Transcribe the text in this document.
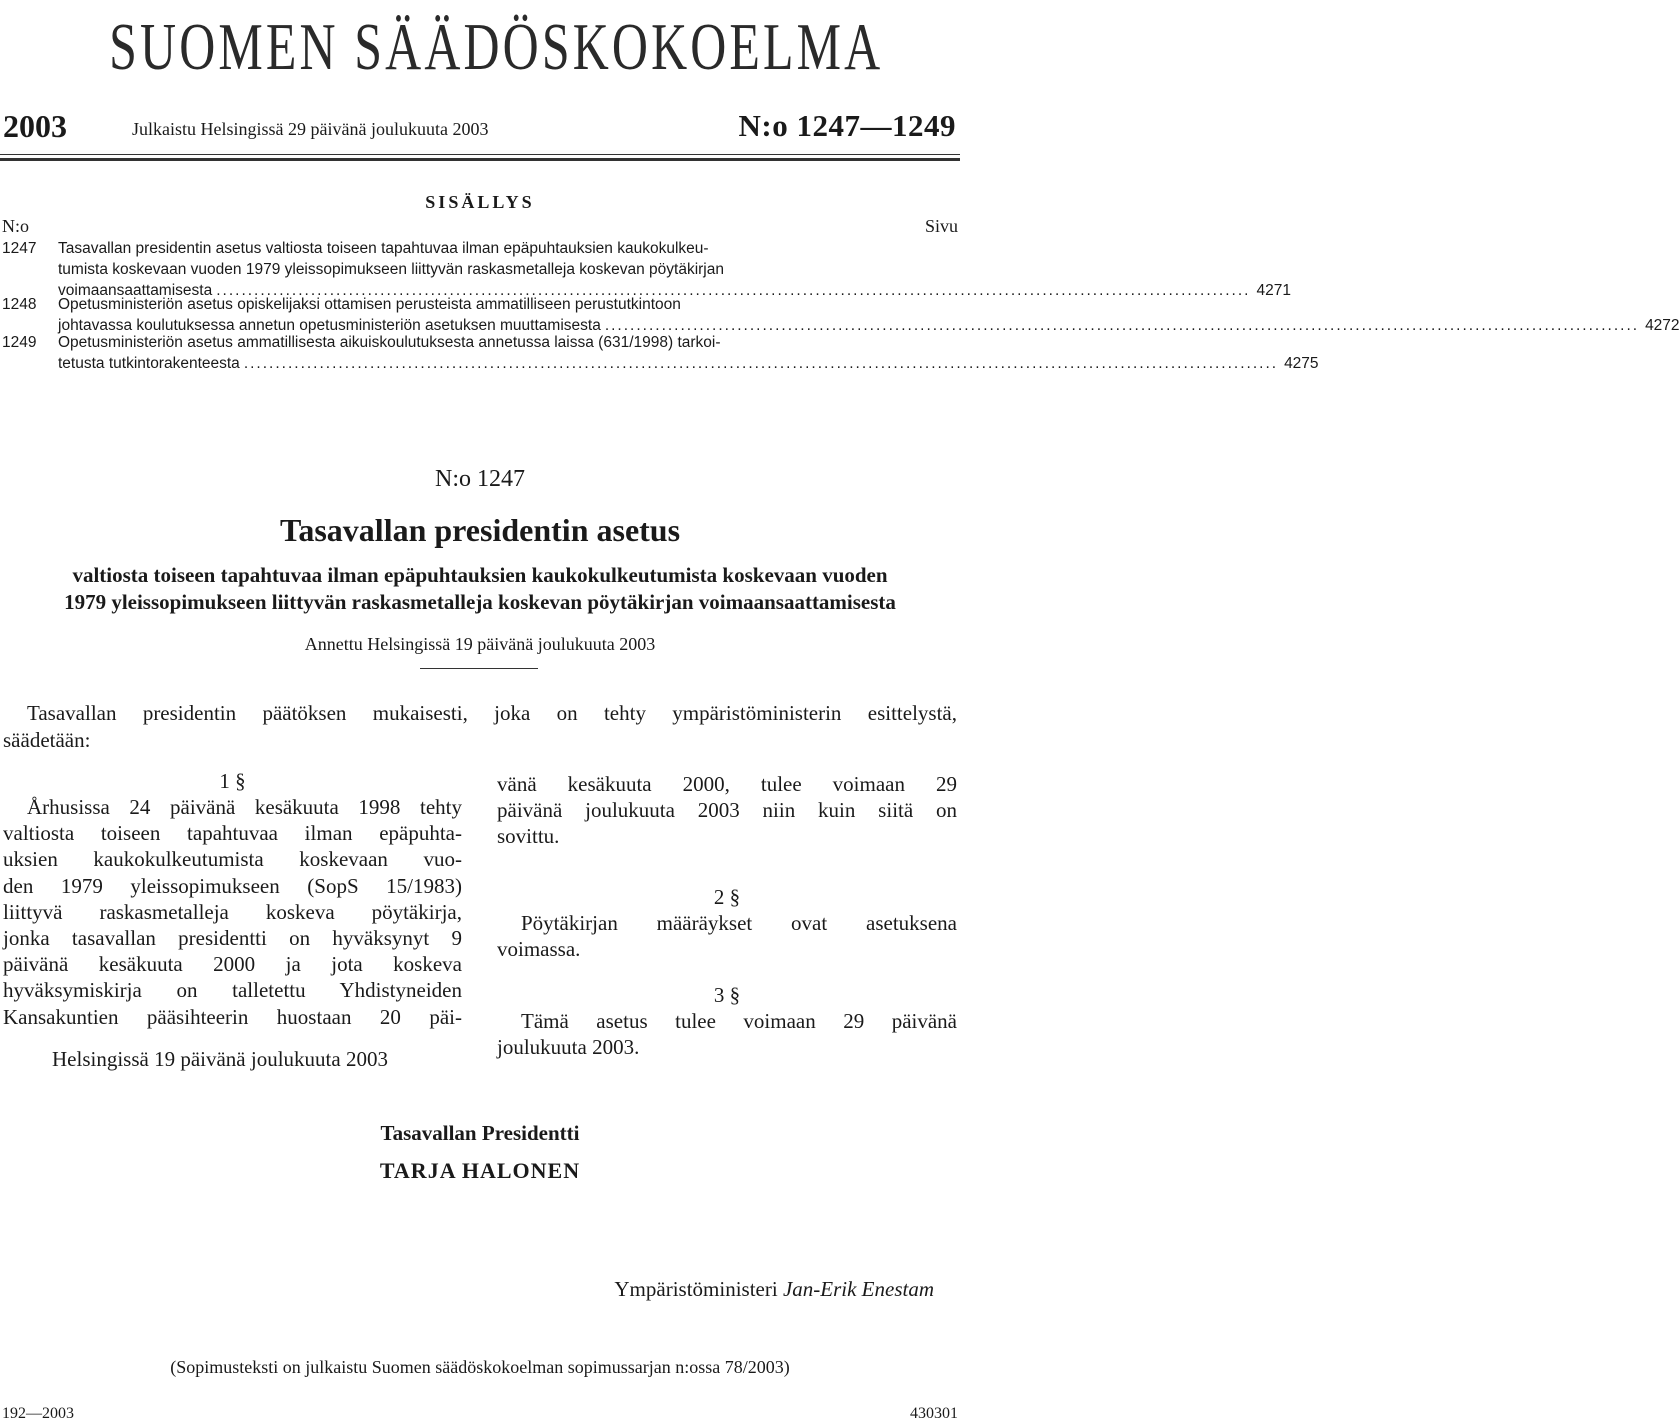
SUOMEN SÄÄDÖSKOKOELMA
2003	Julkaistu Helsingissä 29 päivänä joulukuuta 2003	N:o 1247—1249
SISÄLLYS
N:o	Sivu
1247 Tasavallan presidentin asetus valtiosta toiseen tapahtuvaa ilman epäpuhtauksien kaukokulkeu-
tumista koskevaan vuoden 1979 yleissopimukseen liittyvän raskasmetalleja koskevan pöytäkirjan
voimaansaattamisesta .................................................................................................................................................................... 4271
1248 Opetusministeriön asetus opiskelijaksi ottamisen perusteista ammatilliseen perustutkintoon
johtavassa koulutuksessa annetun opetusministeriön asetuksen muuttamisesta .................................................................................................................................................................... 4272
1249 Opetusministeriön asetus ammatillisesta aikuiskoulutuksesta annetussa laissa (631/1998) tarkoi-
tetusta tutkintorakenteesta .................................................................................................................................................................... 4275
N:o 1247
Tasavallan presidentin asetus
valtiosta toiseen tapahtuvaa ilman epäpuhtauksien kaukokulkeutumista koskevaan vuoden
1979 yleissopimukseen liittyvän raskasmetalleja koskevan pöytäkirjan voimaansaattamisesta
Annettu Helsingissä 19 päivänä joulukuuta 2003
Tasavallan presidentin päätöksen mukaisesti, joka on tehty ympäristöministerin esittelystä,
säädetään:
1 §
Århusissa 24 päivänä kesäkuuta 1998 tehty
valtiosta toiseen tapahtuvaa ilman epäpuhta-
uksien kaukokulkeutumista koskevaan vuo-
den 1979 yleissopimukseen (SopS 15/1983)
liittyvä raskasmetalleja koskeva pöytäkirja,
jonka tasavallan presidentti on hyväksynyt 9
päivänä kesäkuuta 2000 ja jota koskeva
hyväksymiskirja on talletettu Yhdistyneiden
Kansakuntien pääsihteerin huostaan 20 päi-
vänä kesäkuuta 2000, tulee voimaan 29
päivänä joulukuuta 2003 niin kuin siitä on
sovittu.
2 §
Pöytäkirjan määräykset ovat asetuksena
voimassa.
3 §
Tämä asetus tulee voimaan 29 päivänä
joulukuuta 2003.
Helsingissä 19 päivänä joulukuuta 2003
Tasavallan Presidentti
TARJA HALONEN
Ympäristöministeri Jan-Erik Enestam
(Sopimusteksti on julkaistu Suomen säädöskokoelman sopimussarjan n:ossa 78/2003)
192—2003	430301
